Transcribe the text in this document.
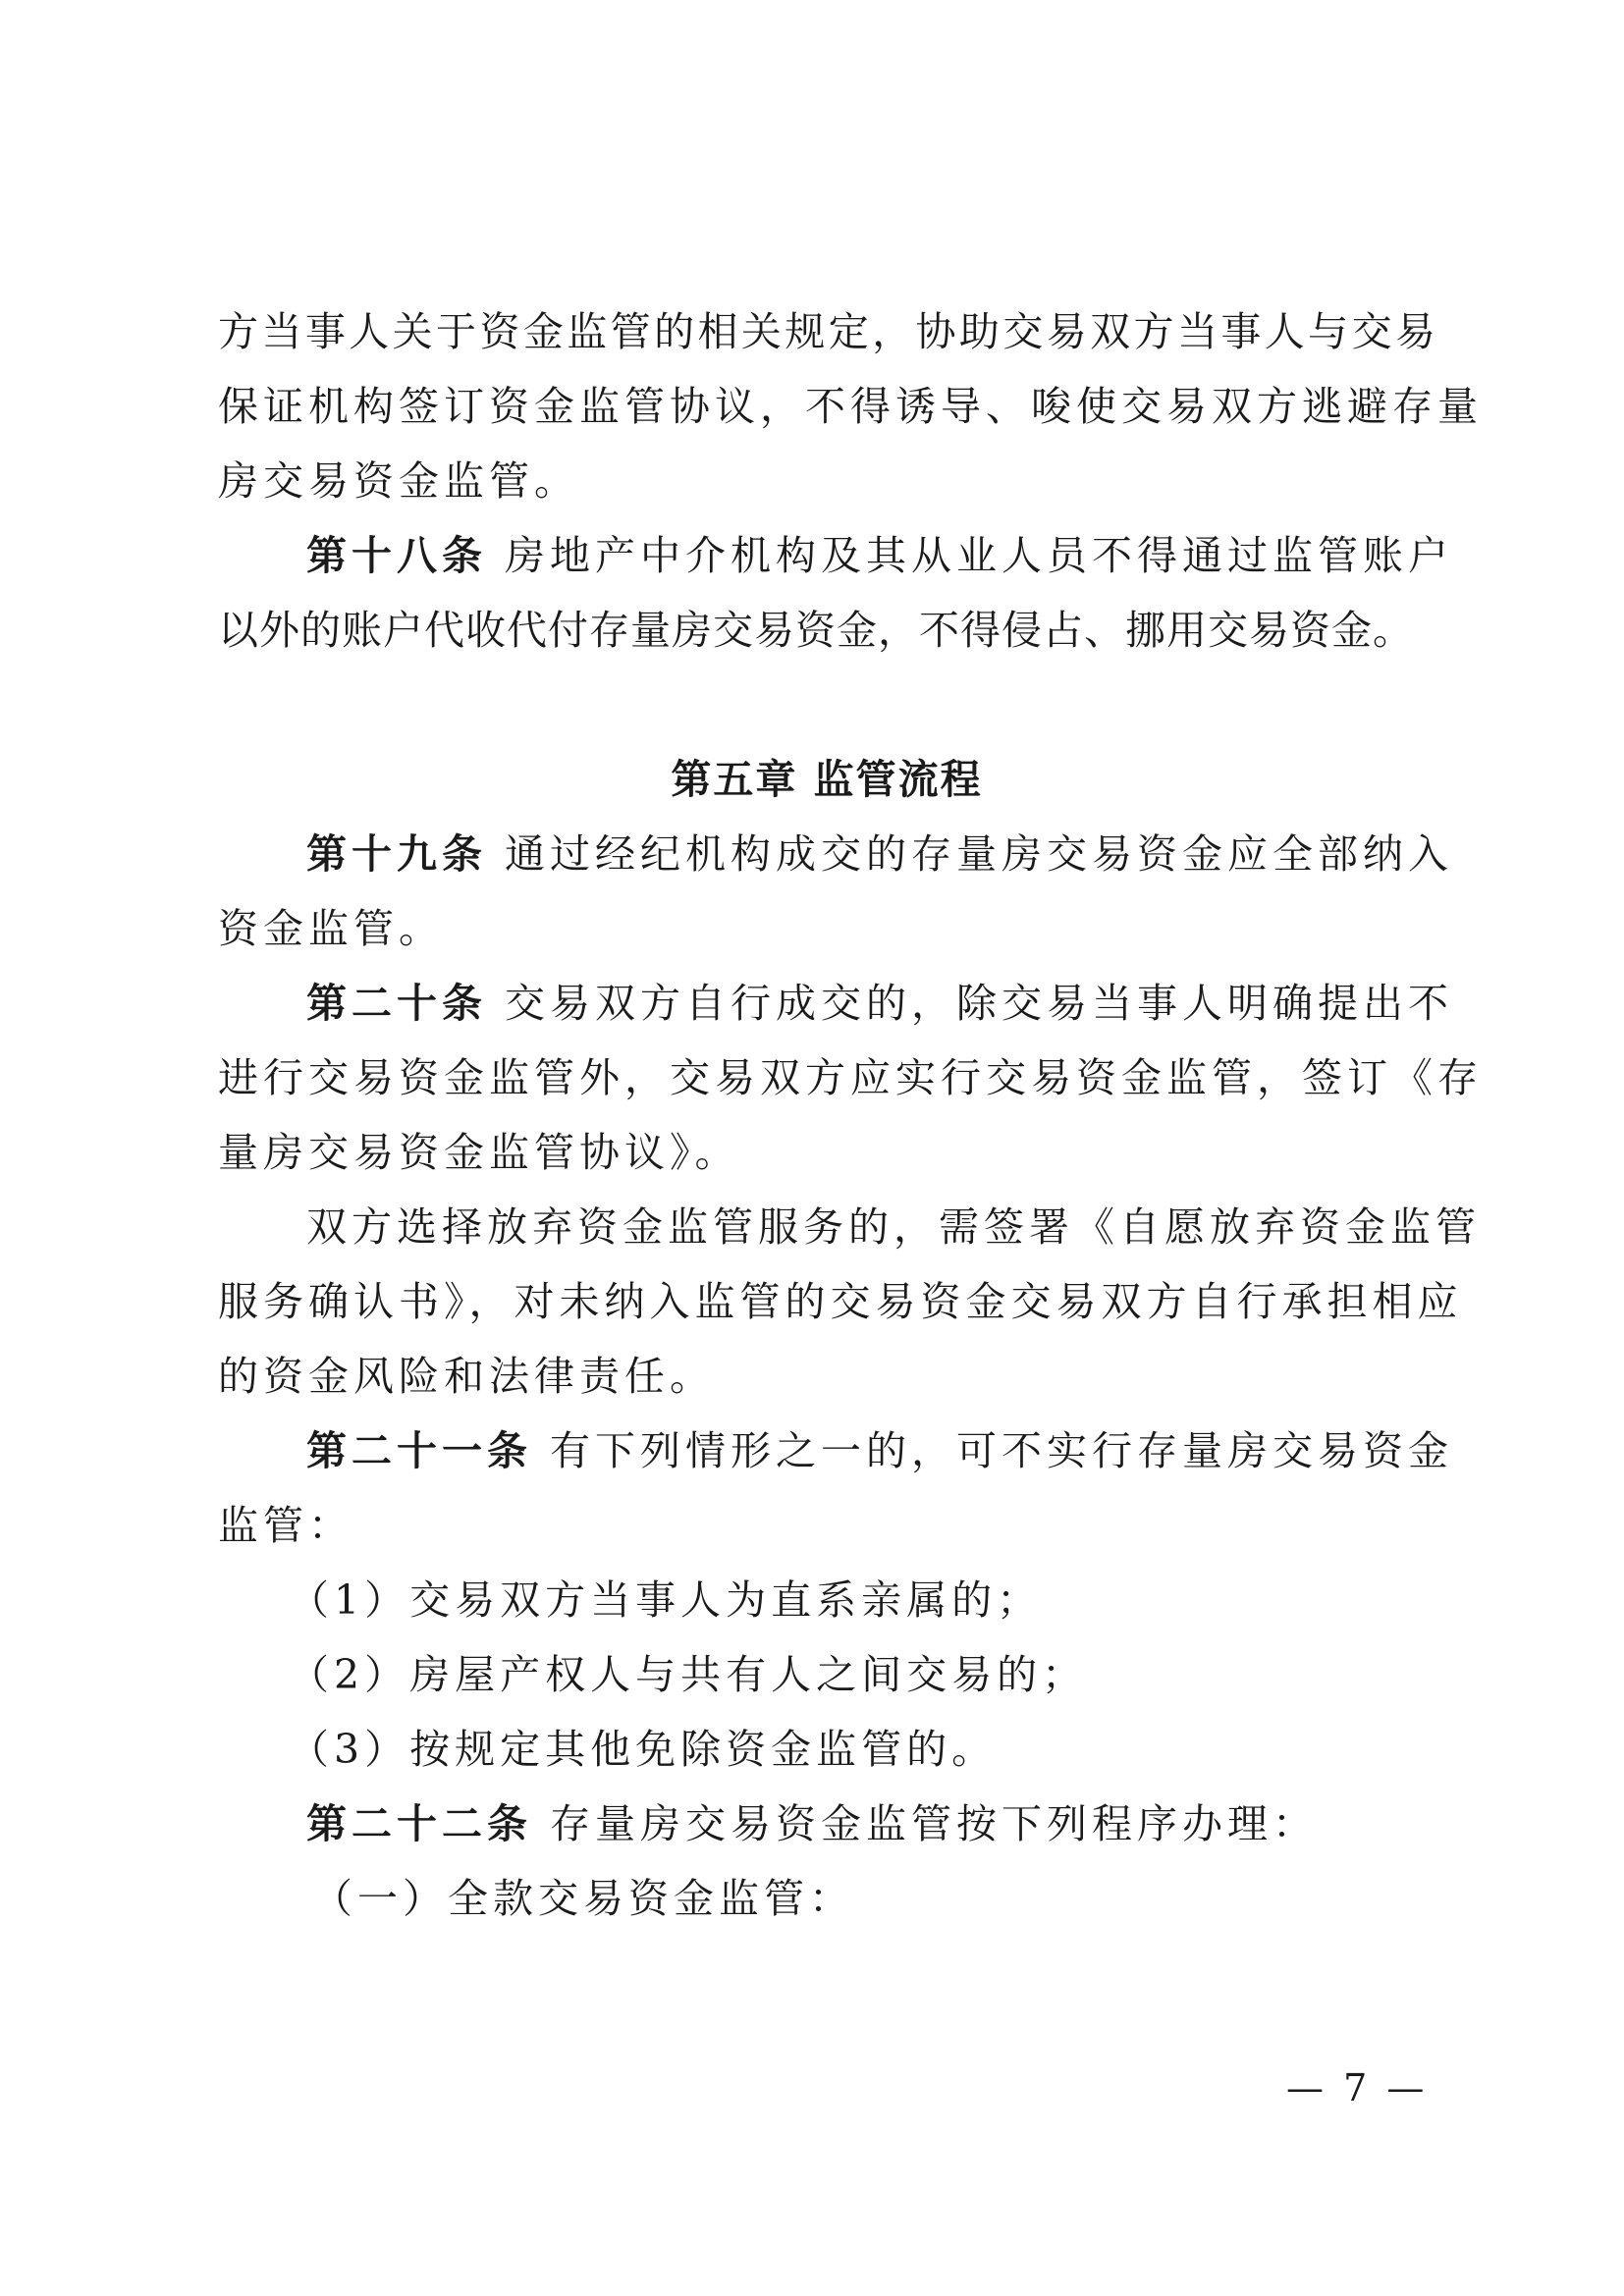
方 当 事 人 关 于 资 金 监 管 的 相 关 规 定 ， 协 助 交 易 双 方 当 事 人 与 交 易
保证机构签订资金监管协议，不得诱导、唆使交易双方逃避存量
房交易资金监管。
第十八条 房地产中介机构及其从业人员不得通过监管账户
以外的账户代收代付存量房交易资金，不得侵占、挪用交易资金。
第五章 监管流程
第十九条 通过经纪机构成交的存量房交易资金应全部纳入
资金监管。
第二十条 交易双方自行成交的，除交易当事人明确提出不
进行交易资金监管外，交易双方应实行交易资金监管，签订《存
量房交易资金监管协议》。
双方选择放弃资金监管服务的，需签署《自愿放弃资金监管
服务确认书》，对未纳入监管的交易资金交易双方自行承担相应
的资金风险和法律责任。
第二十一条 有下列情形之一的，可不实行存量房交易资金
监管：
（1）交易双方当事人为直系亲属的；
（2）房屋产权人与共有人之间交易的；
（3）按规定其他免除资金监管的。
第二十二条 存量房交易资金监管按下列程序办理：
（一）全款交易资金监管：
— 7 —
